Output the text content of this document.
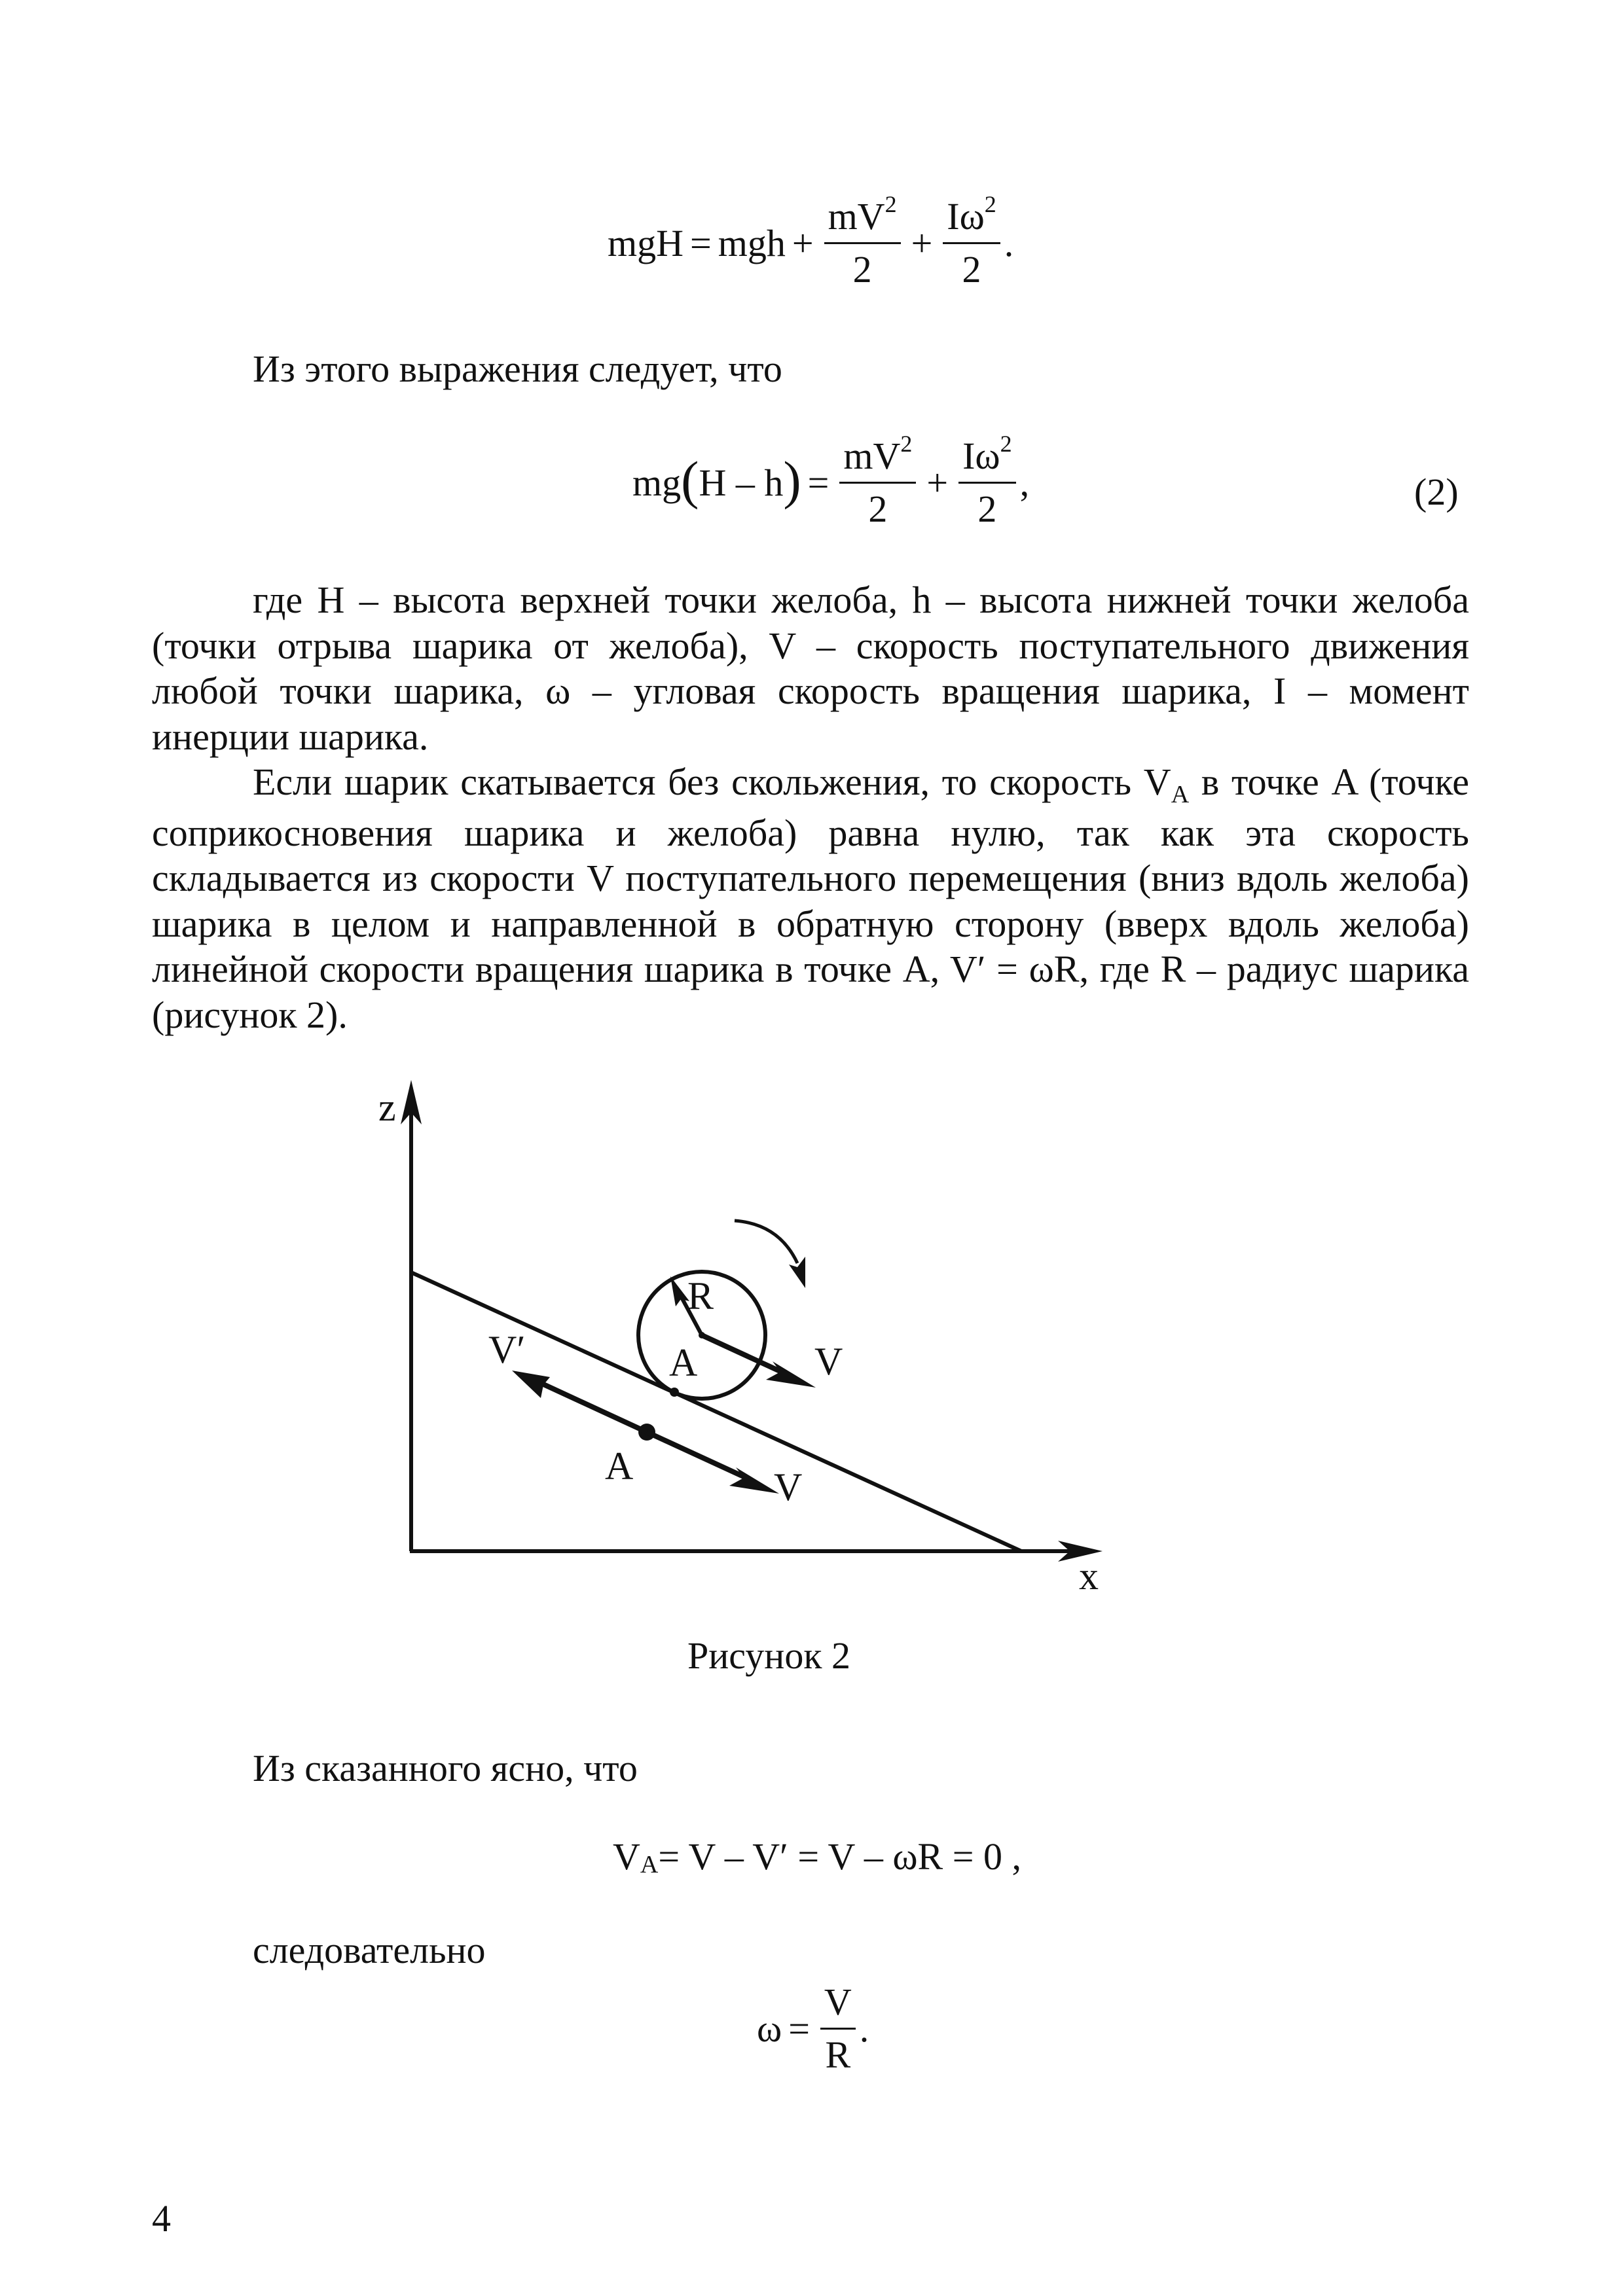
mgH = mgh + $\frac{mV^2}{2} + \frac{I\omega^2}{2}$ .
Из этого выражения следует, что
mg ( H – h ) = $\frac{mV^2}{2} + \frac{I\omega^2}{2}$ ,	(2)

где H – высота верхней точки желоба, h – высота нижней точки желоба (точки отрыва шарика от желоба), V – скорость поступательного движения любой точки шарика, ω – угловая скорость вращения шарика, I – момент инерции шарика.

Если шарик скатывается без скольжения, то скорость $V_A$ в точке A (точке соприкосновения шарика и желоба) равна нулю, так как эта скорость складывается из скорости V поступательного перемещения (вниз вдоль желоба) шарика в целом и направленной в обратную сторону (вверх вдоль желоба) линейной скорости вращения шарика в точке A, V′ = ωR, где R – радиус шарика (рисунок 2).

z
x
R
A	V
V′
A	V
Рисунок 2
Из сказанного ясно, что
$V_A = V - V' = V - \omega R = 0$ ,
следовательно
$\omega = \frac{V}{R}$ .
4
